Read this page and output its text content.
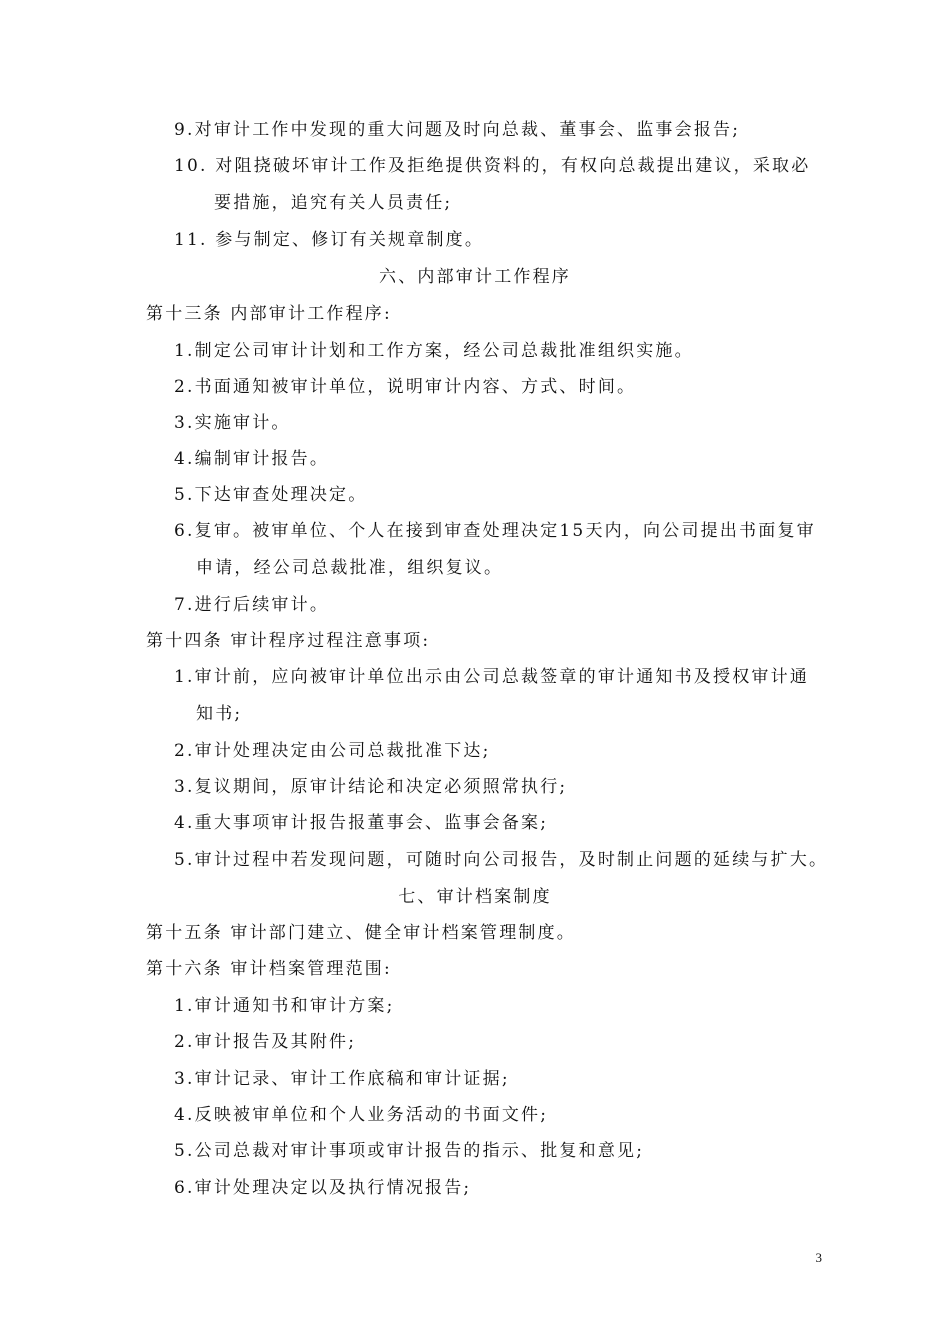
9.对审计工作中发现的重大问题及时向总裁、董事会、监事会报告;
10. 对阻挠破坏审计工作及拒绝提供资料的，有权向总裁提出建议，采取必
要措施，追究有关人员责任;
11. 参与制定、修订有关规章制度。
六、内部审计工作程序
第十三条 内部审计工作程序:
1.制定公司审计计划和工作方案，经公司总裁批准组织实施。
2.书面通知被审计单位，说明审计内容、方式、时间。
3.实施审计。
4.编制审计报告。
5.下达审查处理决定。
6.复审。被审单位、个人在接到审查处理决定15天内，向公司提出书面复审
申请，经公司总裁批准，组织复议。
7.进行后续审计。
第十四条 审计程序过程注意事项:
1.审计前，应向被审计单位出示由公司总裁签章的审计通知书及授权审计通
知书;
2.审计处理决定由公司总裁批准下达;
3.复议期间，原审计结论和决定必须照常执行;
4.重大事项审计报告报董事会、监事会备案;
5.审计过程中若发现问题，可随时向公司报告，及时制止问题的延续与扩大。
七、审计档案制度
第十五条 审计部门建立、健全审计档案管理制度。
第十六条 审计档案管理范围:
1.审计通知书和审计方案;
2.审计报告及其附件;
3.审计记录、审计工作底稿和审计证据;
4.反映被审单位和个人业务活动的书面文件;
5.公司总裁对审计事项或审计报告的指示、批复和意见;
6.审计处理决定以及执行情况报告;
3
